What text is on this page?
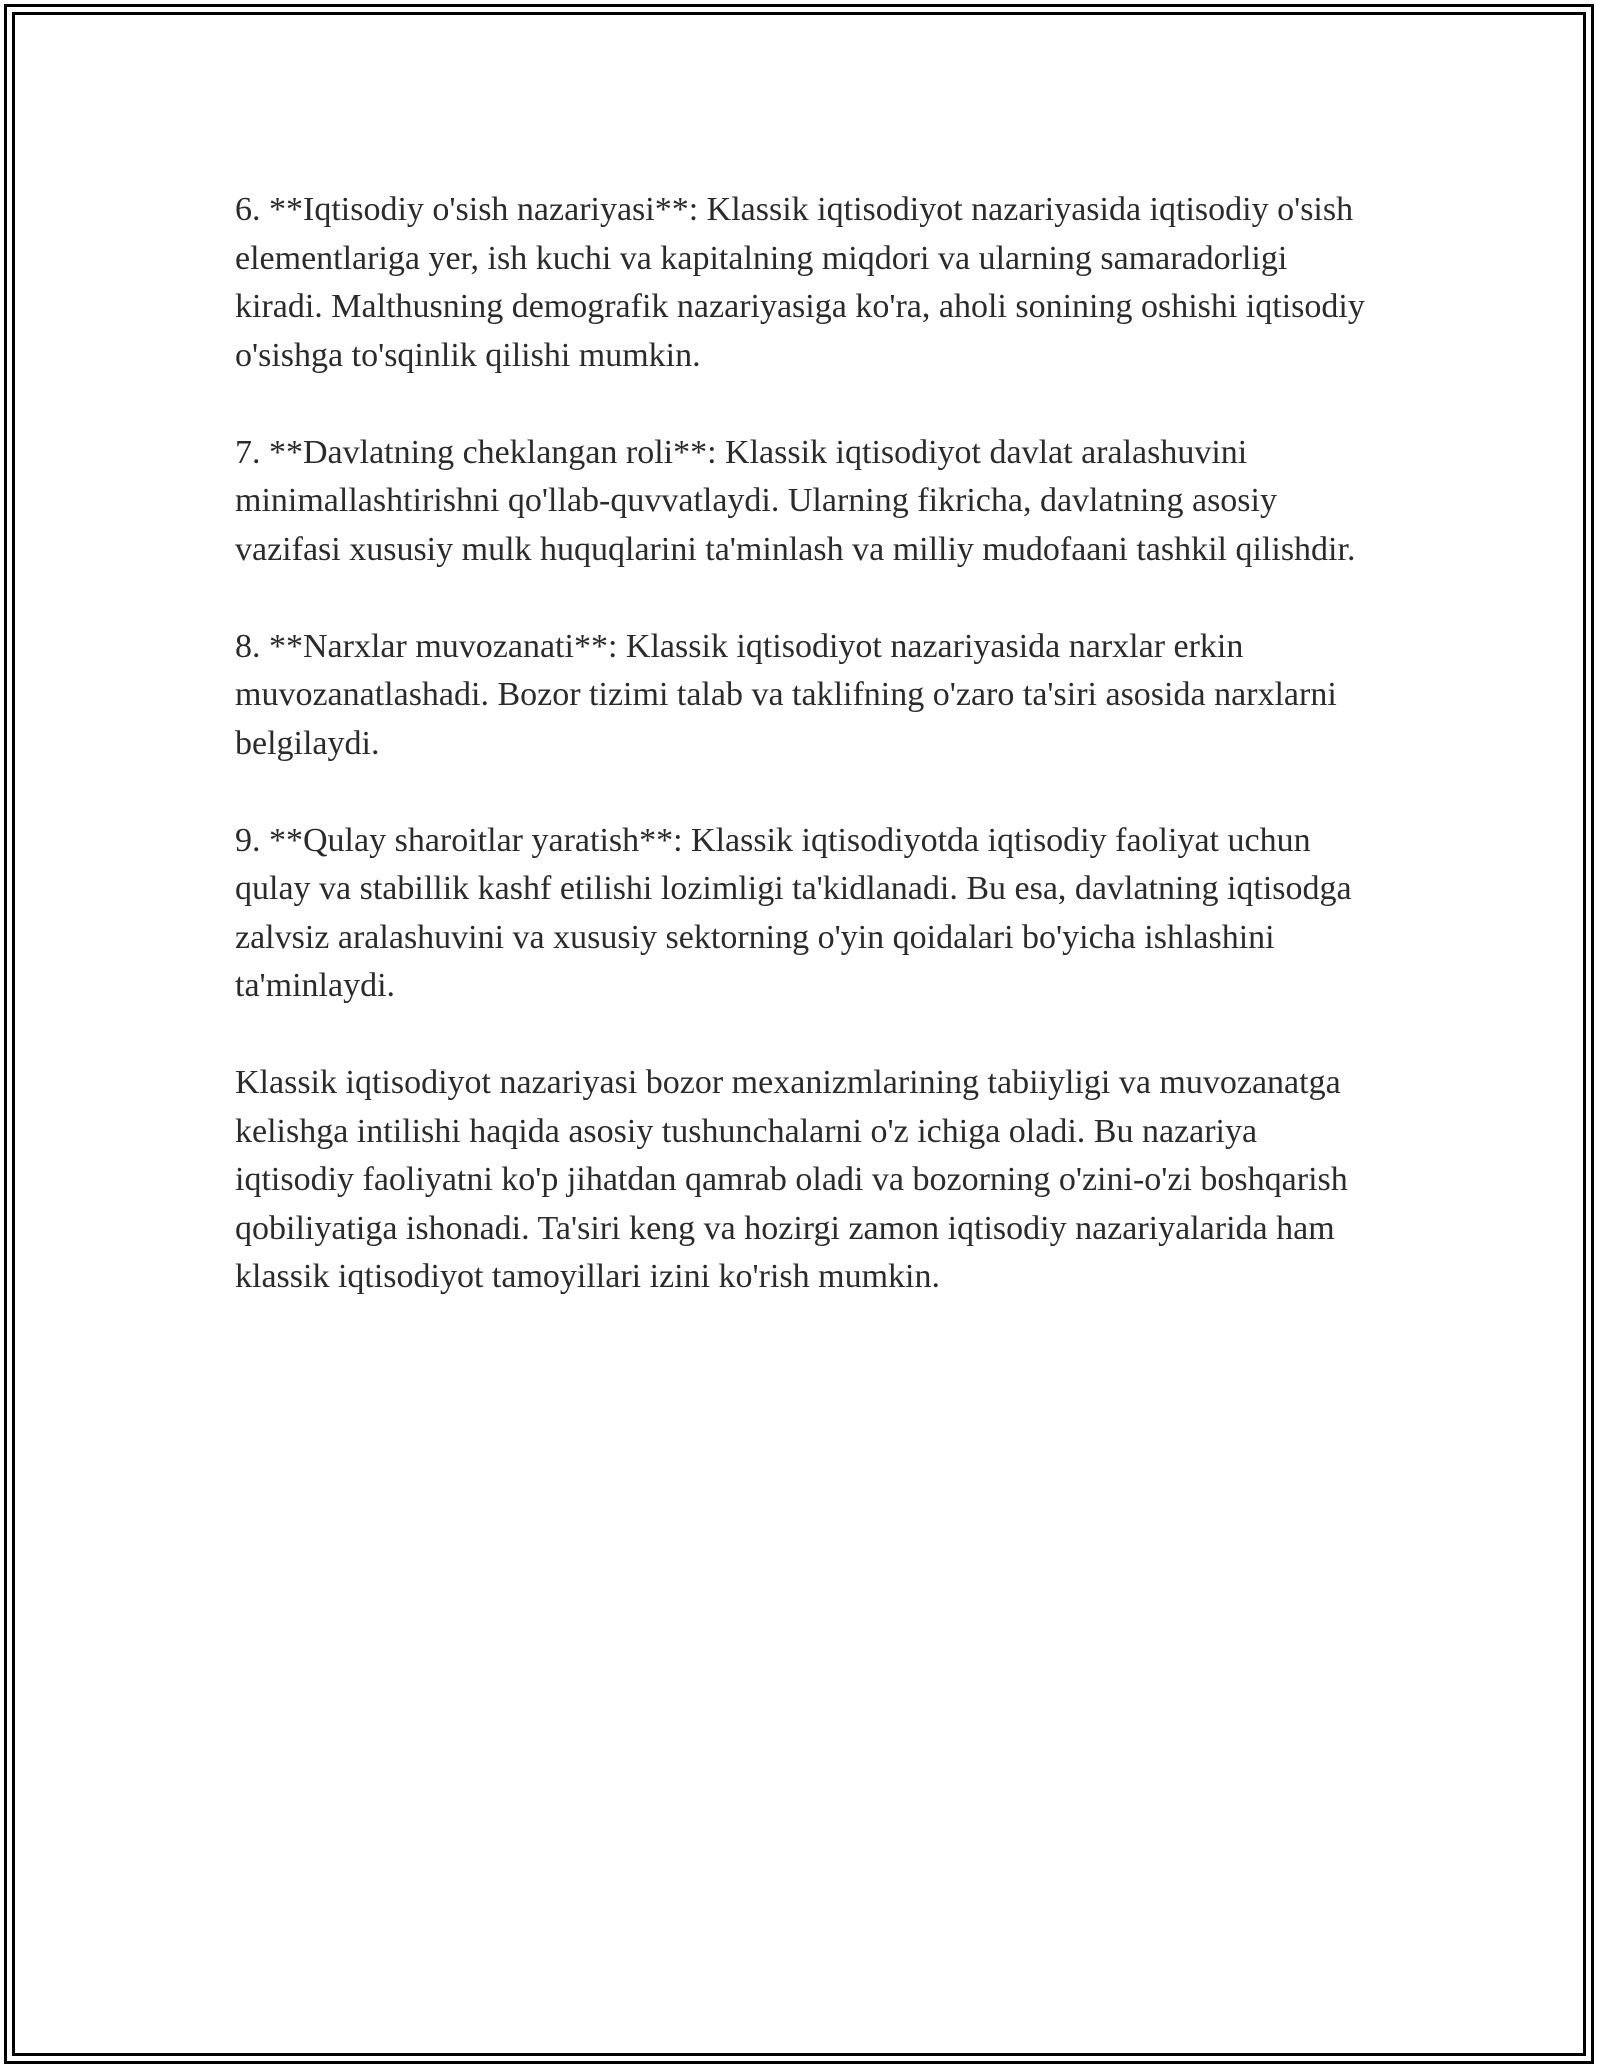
6. **Iqtisodiy o'sish nazariyasi**: Klassik iqtisodiyot nazariyasida iqtisodiy o'sish elementlariga yer, ish kuchi va kapitalning miqdori va ularning samaradorligi kiradi. Malthusning demografik nazariyasiga ko'ra, aholi sonining oshishi iqtisodiy o'sishga to'sqinlik qilishi mumkin.

7. **Davlatning cheklangan roli**: Klassik iqtisodiyot davlat aralashuvini minimallashtirishni qo'llab-quvvatlaydi. Ularning fikricha, davlatning asosiy vazifasi xususiy mulk huquqlarini ta'minlash va milliy mudofaani tashkil qilishdir.

8. **Narxlar muvozanati**: Klassik iqtisodiyot nazariyasida narxlar erkin muvozanatlashadi. Bozor tizimi talab va taklifning o'zaro ta'siri asosida narxlarni belgilaydi.

9. **Qulay sharoitlar yaratish**: Klassik iqtisodiyotda iqtisodiy faoliyat uchun qulay va stabillik kashf etilishi lozimligi ta'kidlanadi. Bu esa, davlatning iqtisodga zalvsiz aralashuvini va xususiy sektorning o'yin qoidalari bo'yicha ishlashini ta'minlaydi.

Klassik iqtisodiyot nazariyasi bozor mexanizmlarining tabiiyligi va muvozanatga kelishga intilishi haqida asosiy tushunchalarni o'z ichiga oladi. Bu nazariya iqtisodiy faoliyatni ko'p jihatdan qamrab oladi va bozorning o'zini-o'zi boshqarish qobiliyatiga ishonadi. Ta'siri keng va hozirgi zamon iqtisodiy nazariyalarida ham klassik iqtisodiyot tamoyillari izini ko'rish mumkin.
